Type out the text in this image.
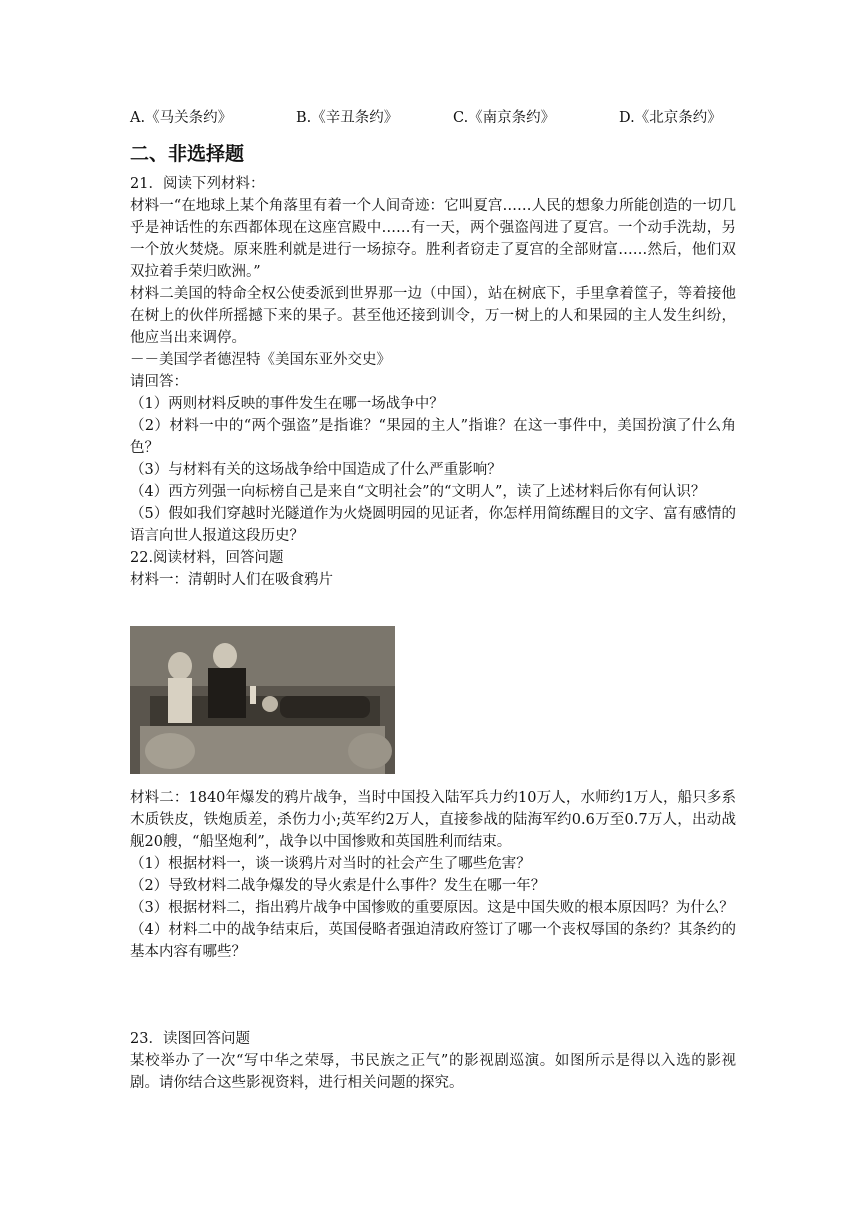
A.《马关条约》	B.《辛丑条约》	C.《南京条约》	D.《北京条约》
二、非选择题

21．阅读下列材料：

材料一“在地球上某个角落里有着一个人间奇迹：它叫夏宫……人民的想象力所能创造的一切几乎是神话性的东西都体现在这座宫殿中……有一天，两个强盗闯进了夏宫。一个动手洗劫，另一个放火焚烧。原来胜利就是进行一场掠夺。胜利者窃走了夏宫的全部财富……然后，他们双双拉着手荣归欧洲。”

材料二美国的特命全权公使委派到世界那一边（中国），站在树底下，手里拿着筐子，等着接他在树上的伙伴所摇撼下来的果子。甚至他还接到训令，万一树上的人和果园的主人发生纠纷，他应当出来调停。

－－美国学者德涅特《美国东亚外交史》

请回答：

（1）两则材料反映的事件发生在哪一场战争中？

（2）材料一中的“两个强盗”是指谁？“果园的主人”指谁？在这一事件中，美国扮演了什么角色？

（3）与材料有关的这场战争给中国造成了什么严重影响？

（4）西方列强一向标榜自己是来自“文明社会”的“文明人”，读了上述材料后你有何认识？

（5）假如我们穿越时光隧道作为火烧圆明园的见证者，你怎样用简练醒目的文字、富有感情的语言向世人报道这段历史？

22.阅读材料，回答问题

材料一：清朝时人们在吸食鸦片

材料二：1840年爆发的鸦片战争，当时中国投入陆军兵力约10万人，水师约1万人，船只多系木质铁皮，铁炮质差，杀伤力小;英军约2万人，直接参战的陆海军约0.6万至0.7万人，出动战舰20艘，“船坚炮利”，战争以中国惨败和英国胜利而结束。

（1）根据材料一，谈一谈鸦片对当时的社会产生了哪些危害？

（2）导致材料二战争爆发的导火索是什么事件？发生在哪一年？

（3）根据材料二，指出鸦片战争中国惨败的重要原因。这是中国失败的根本原因吗？为什么？

（4）材料二中的战争结束后，英国侵略者强迫清政府签订了哪一个丧权辱国的条约？其条约的基本内容有哪些？

23．读图回答问题

某校举办了一次“写中华之荣辱，书民族之正气”的影视剧巡演。如图所示是得以入选的影视剧。请你结合这些影视资料，进行相关问题的探究。
